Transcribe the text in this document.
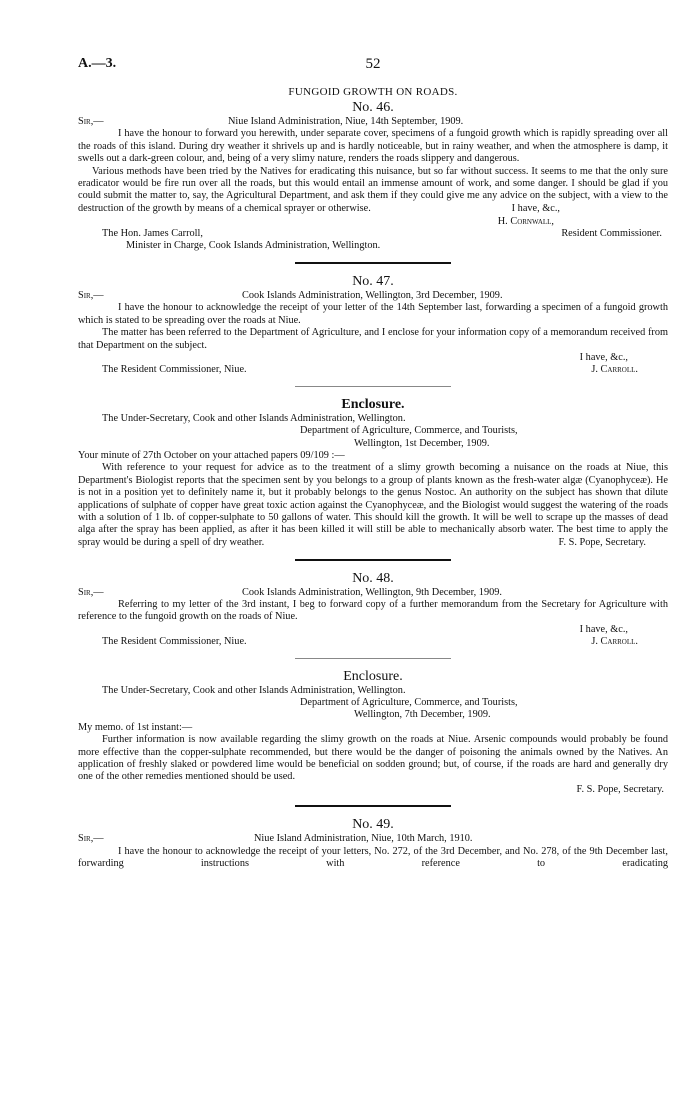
A.—3.	52
FUNGOID GROWTH ON ROADS.
No. 46.
Sir,—	Niue Island Administration, Niue, 14th September, 1909.
I have the honour to forward you herewith, under separate cover, specimens of a fungoid growth which is rapidly spreading over all the roads of this island. During dry weather it shrivels up and is hardly noticeable, but in rainy weather, and when the atmosphere is damp, it swells out a dark-green colour, and, being of a very slimy nature, renders the roads slippery and dangerous.
Various methods have been tried by the Natives for eradicating this nuisance, but so far without success. It seems to me that the only sure eradicator would be fire run over all the roads, but this would entail an immense amount of work, and some danger. I should be glad if you could submit the matter to, say, the Agricultural Department, and ask them if they could give me any advice on the subject, with a view to the destruction of the growth by means of a chemical sprayer or otherwise.	I have, &c.,
H. Cornwall,
The Hon. James Carroll,	Resident Commissioner.
Minister in Charge, Cook Islands Administration, Wellington.
No. 47.
Sir,—	Cook Islands Administration, Wellington, 3rd December, 1909.
I have the honour to acknowledge the receipt of your letter of the 14th September last, forwarding a specimen of a fungoid growth which is stated to be spreading over the roads at Niue.
The matter has been referred to the Department of Agriculture, and I enclose for your information copy of a memorandum received from that Department on the subject.
I have, &c.,
The Resident Commissioner, Niue.	J. Carroll.
Enclosure.
The Under-Secretary, Cook and other Islands Administration, Wellington.
Department of Agriculture, Commerce, and Tourists,
Wellington, 1st December, 1909.
Your minute of 27th October on your attached papers 09/109 :—
With reference to your request for advice as to the treatment of a slimy growth becoming a nuisance on the roads at Niue, this Department's Biologist reports that the specimen sent by you belongs to a group of plants known as the fresh-water algæ (Cyanophyceæ). He is not in a position yet to definitely name it, but it probably belongs to the genus Nostoc. An authority on the subject has shown that dilute applications of sulphate of copper have great toxic action against the Cyanophyceæ, and the Biologist would suggest the watering of the roads with a solution of 1 lb. of copper-sulphate to 50 gallons of water. This should kill the growth. It will be well to scrape up the masses of dead alga after the spray has been applied, as after it has been killed it will still be able to mechanically absorb water. The best time to apply the spray would be during a spell of dry weather.	F. S. Pope, Secretary.
No. 48.
Sir,—	Cook Islands Administration, Wellington, 9th December, 1909.
Referring to my letter of the 3rd instant, I beg to forward copy of a further memorandum from the Secretary for Agriculture with reference to the fungoid growth on the roads of Niue.
I have, &c.,
The Resident Commissioner, Niue.	J. Carroll.
Enclosure.
The Under-Secretary, Cook and other Islands Administration, Wellington.
Department of Agriculture, Commerce, and Tourists,
Wellington, 7th December, 1909.
My memo. of 1st instant:—
Further information is now available regarding the slimy growth on the roads at Niue. Arsenic compounds would probably be found more effective than the copper-sulphate recommended, but there would be the danger of poisoning the animals owned by the Natives. An application of freshly slaked or powdered lime would be beneficial on sodden ground; but, of course, if the roads are hard and generally dry one of the other remedies mentioned should be used.
F. S. Pope, Secretary.
No. 49.
Sir,—	Niue Island Administration, Niue, 10th March, 1910.
I have the honour to acknowledge the receipt of your letters, No. 272, of the 3rd December, and No. 278, of the 9th December last, forwarding instructions with reference to eradicating
